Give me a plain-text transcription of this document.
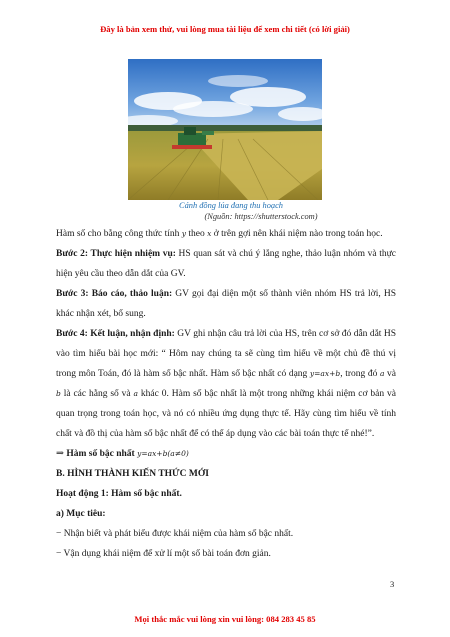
Đây là bản xem thử, vui lòng mua tài liệu để xem chi tiết (có lời giải)
Cánh đồng lúa đang thu hoạch
(Nguồn: https://shutterstock.com)

Hàm số cho bằng công thức tính y theo x ở trên gợi nên khái niệm nào trong toán học.

Bước 2: Thực hiện nhiệm vụ: HS quan sát và chú ý lắng nghe, thảo luận nhóm và thực hiện yêu cầu theo dẫn dắt của GV.

Bước 3: Báo cáo, thảo luận: GV gọi đại diện một số thành viên nhóm HS trả lời, HS khác nhận xét, bổ sung.

Bước 4: Kết luận, nhận định: GV ghi nhận câu trả lời của HS, trên cơ sở đó dẫn dắt HS vào tìm hiểu bài học mới: “ Hôm nay chúng ta sẽ cùng tìm hiểu về một chủ đề thú vị trong môn Toán, đó là hàm số bậc nhất. Hàm số bậc nhất có dạng y=ax+b, trong đó a và b là các hằng số và a khác 0. Hàm số bậc nhất là một trong những khái niệm cơ bản và quan trọng trong toán học, và nó có nhiều ứng dụng thực tế. Hãy cùng tìm hiểu về tính chất và đồ thị của hàm số bậc nhất để có thể áp dụng vào các bài toán thực tế nhé!”.

⇒ Hàm số bậc nhất y=ax+b(a≠0)

B. HÌNH THÀNH KIẾN THỨC MỚI

Hoạt động 1: Hàm số bậc nhất.

a) Mục tiêu:

− Nhận biết và phát biểu được khái niệm của hàm số bậc nhất.

− Vận dụng khái niệm để xử lí một số bài toán đơn giản.

3
Mọi thắc mắc vui lòng xin vui lòng: 084 283 45 85
